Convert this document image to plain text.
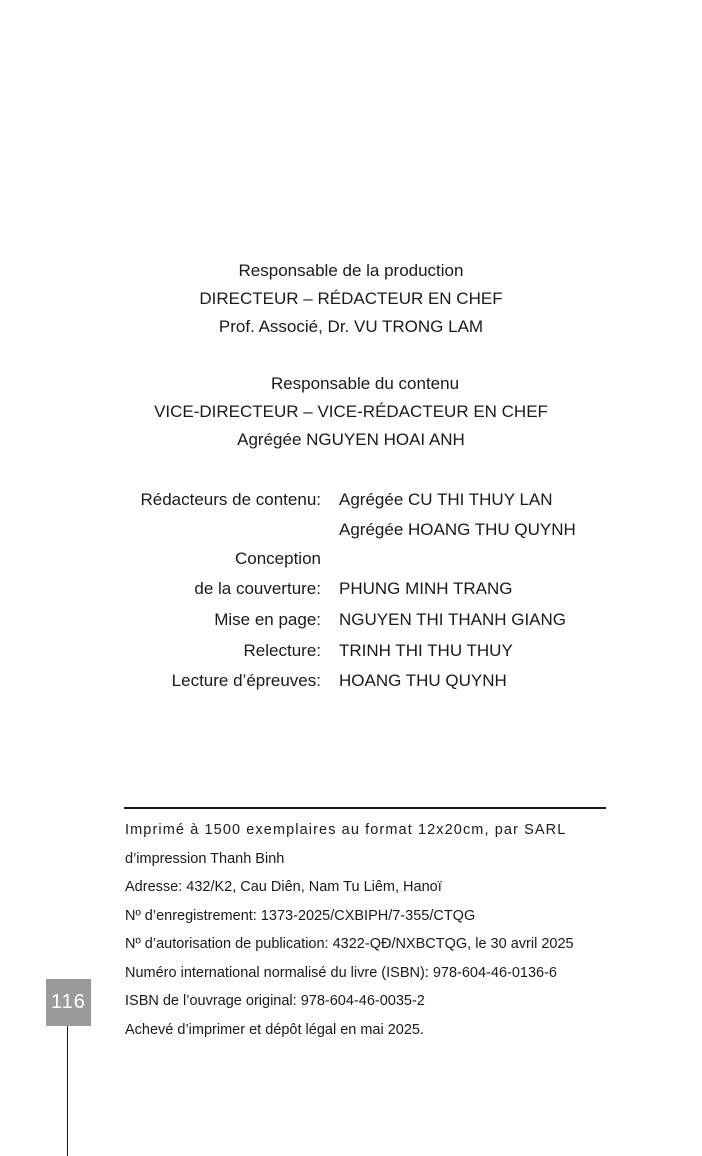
Responsable de la production
DIRECTEUR – RÉDACTEUR EN CHEF
Prof. Associé, Dr. VU TRONG LAM
Responsable du contenu
VICE-DIRECTEUR – VICE-RÉDACTEUR EN CHEF
Agrégée NGUYEN HOAI ANH
Rédacteurs de contenu: Agrégée CU THI THUY LAN
Agrégée HOANG THU QUYNH
Conception
de la couverture: PHUNG MINH TRANG
Mise en page: NGUYEN THI THANH GIANG
Relecture: TRINH THI THU THUY
Lecture d’épreuves: HOANG THU QUYNH
Imprimé à 1500 exemplaires au format 12x20cm, par SARL
d’impression Thanh Binh
Adresse: 432/K2, Cau Diên, Nam Tu Liêm, Hanoï
Nº d’enregistrement: 1373-2025/CXBIPH/7-355/CTQG
Nº d’autorisation de publication: 4322-QĐ/NXBCTQG, le 30 avril 2025
Numéro international normalisé du livre (ISBN): 978-604-46-0136-6
ISBN de l’ouvrage original: 978-604-46-0035-2
Achevé d’imprimer et dépôt légal en mai 2025.
116
